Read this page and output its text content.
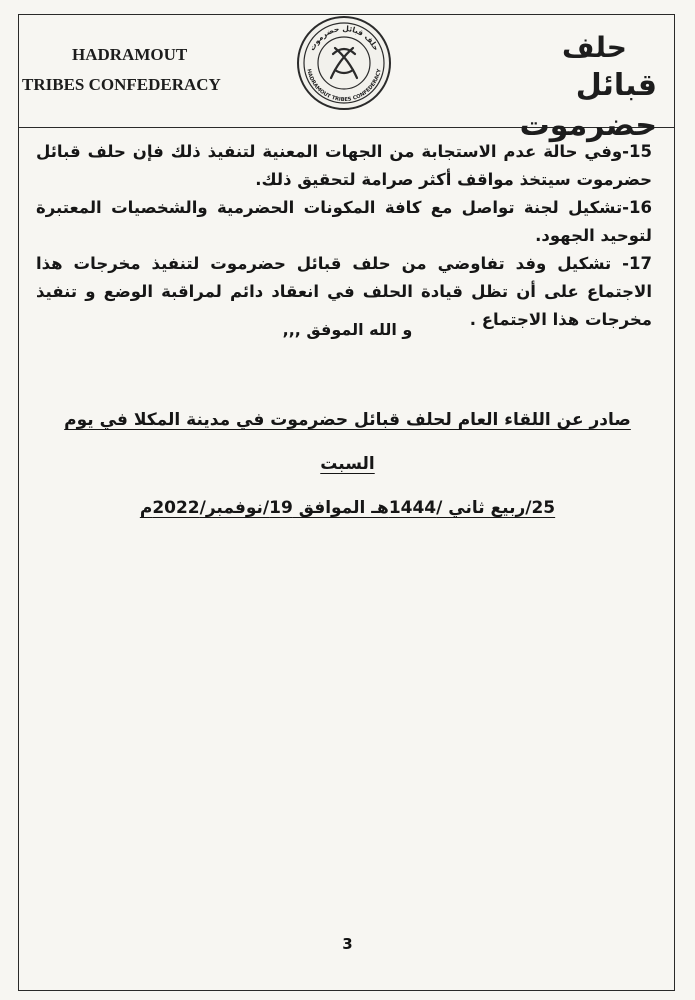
HADRAMOUT
TRIBES CONFEDERACY
حلف قبائل حضرموت
HADRAMOUT TRIBES CONFEDERACY
حلف
قبائل حضرموت

15-وفي حالة عدم الاستجابة من الجهات المعنية لتنفيذ ذلك فإن حلف قبائل حضرموت سيتخذ مواقف أكثر صرامة لتحقيق ذلك.

16-تشكيل لجنة تواصل مع كافة المكونات الحضرمية والشخصيات المعتبرة لتوحيد الجهود.

17- تشكيل وفد تفاوضي من حلف قبائل حضرموت لتنفيذ مخرجات هذا الاجتماع على أن تظل قيادة الحلف في انعقاد دائم لمراقبة الوضع و تنفيذ مخرجات هذا الاجتماع .

و الله الموفق ,,,
صادر عن اللقاء العام لحلف قبائل حضرموت في مدينة المكلا في يوم السبت
25/ربيع ثاني /1444هـ الموافق 19/نوفمبر/2022م
3
